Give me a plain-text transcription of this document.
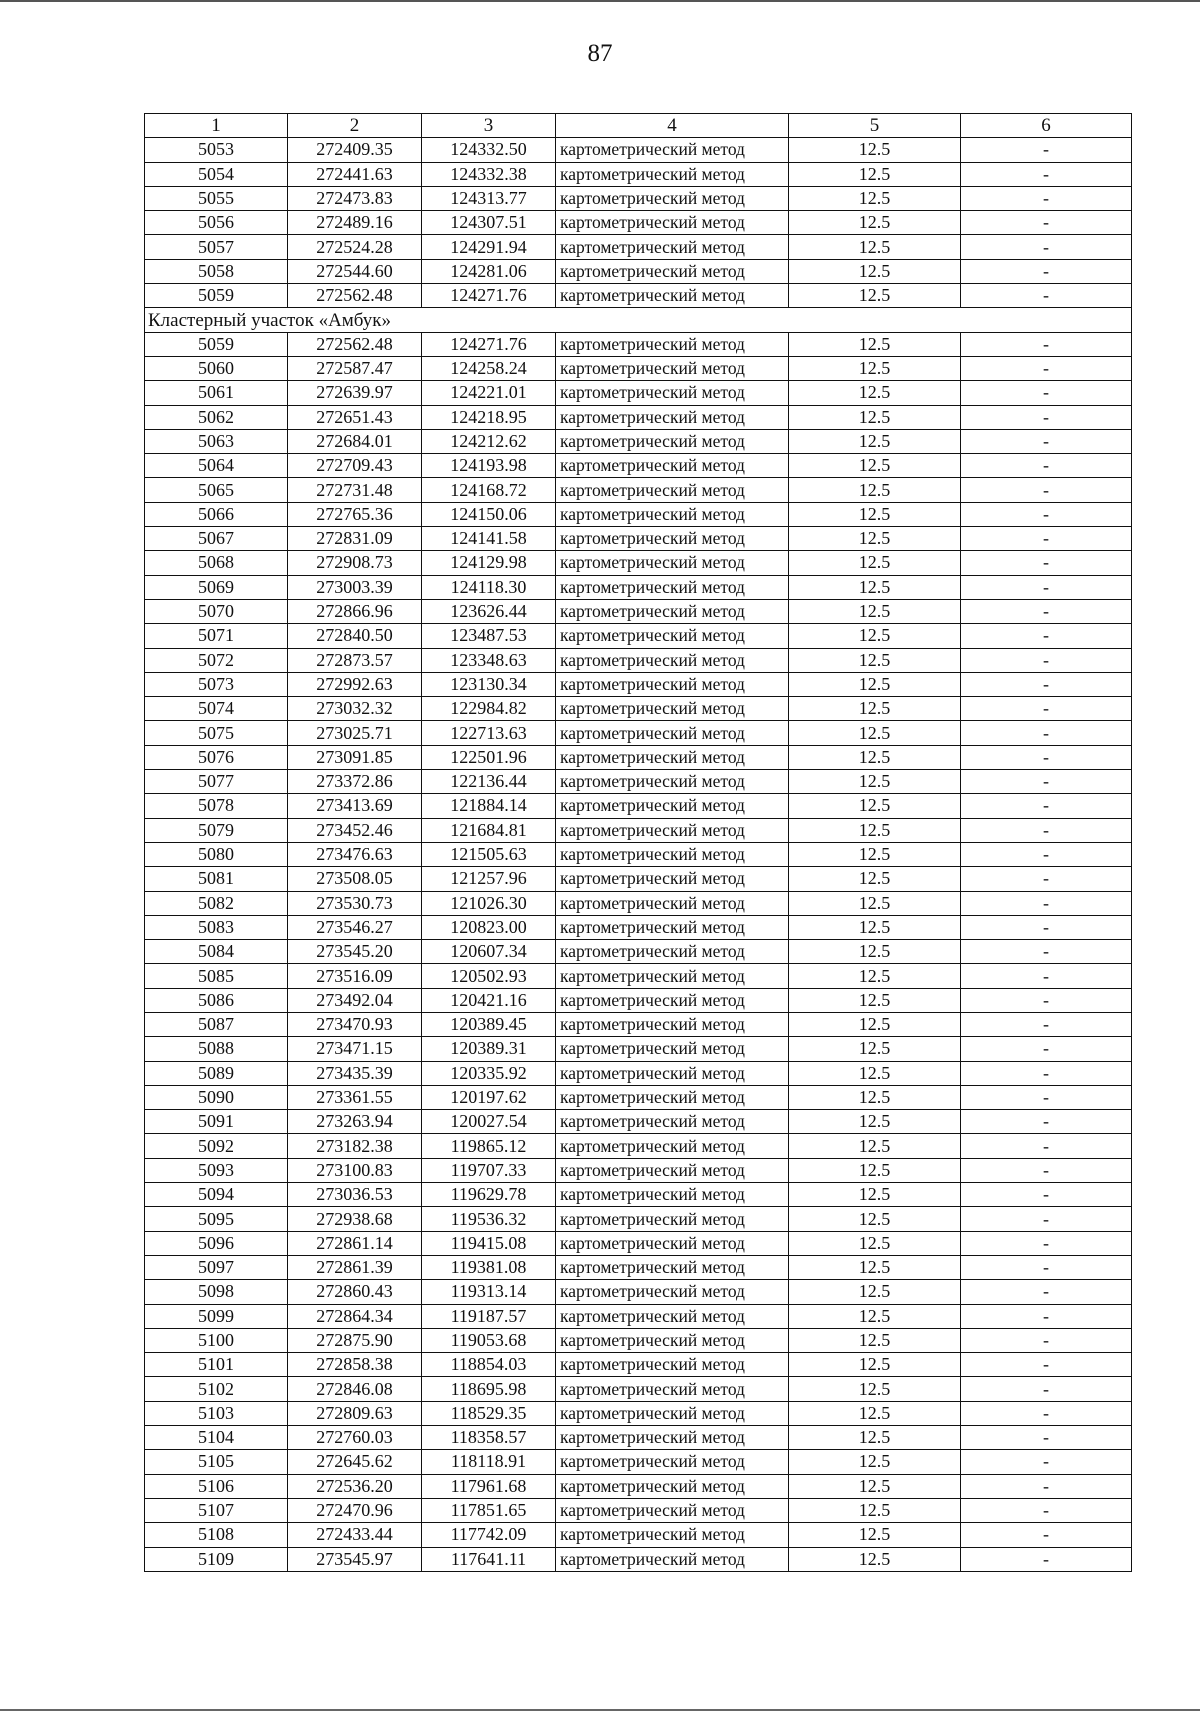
87
1	2	3	4	5	6
5053	272409.35	124332.50	картометрический метод	12.5	-
5054	272441.63	124332.38	картометрический метод	12.5	-
5055	272473.83	124313.77	картометрический метод	12.5	-
5056	272489.16	124307.51	картометрический метод	12.5	-
5057	272524.28	124291.94	картометрический метод	12.5	-
5058	272544.60	124281.06	картометрический метод	12.5	-
5059	272562.48	124271.76	картометрический метод	12.5	-
Кластерный участок «Амбук»					
5059	272562.48	124271.76	картометрический метод	12.5	-
5060	272587.47	124258.24	картометрический метод	12.5	-
5061	272639.97	124221.01	картометрический метод	12.5	-
5062	272651.43	124218.95	картометрический метод	12.5	-
5063	272684.01	124212.62	картометрический метод	12.5	-
5064	272709.43	124193.98	картометрический метод	12.5	-
5065	272731.48	124168.72	картометрический метод	12.5	-
5066	272765.36	124150.06	картометрический метод	12.5	-
5067	272831.09	124141.58	картометрический метод	12.5	-
5068	272908.73	124129.98	картометрический метод	12.5	-
5069	273003.39	124118.30	картометрический метод	12.5	-
5070	272866.96	123626.44	картометрический метод	12.5	-
5071	272840.50	123487.53	картометрический метод	12.5	-
5072	272873.57	123348.63	картометрический метод	12.5	-
5073	272992.63	123130.34	картометрический метод	12.5	-
5074	273032.32	122984.82	картометрический метод	12.5	-
5075	273025.71	122713.63	картометрический метод	12.5	-
5076	273091.85	122501.96	картометрический метод	12.5	-
5077	273372.86	122136.44	картометрический метод	12.5	-
5078	273413.69	121884.14	картометрический метод	12.5	-
5079	273452.46	121684.81	картометрический метод	12.5	-
5080	273476.63	121505.63	картометрический метод	12.5	-
5081	273508.05	121257.96	картометрический метод	12.5	-
5082	273530.73	121026.30	картометрический метод	12.5	-
5083	273546.27	120823.00	картометрический метод	12.5	-
5084	273545.20	120607.34	картометрический метод	12.5	-
5085	273516.09	120502.93	картометрический метод	12.5	-
5086	273492.04	120421.16	картометрический метод	12.5	-
5087	273470.93	120389.45	картометрический метод	12.5	-
5088	273471.15	120389.31	картометрический метод	12.5	-
5089	273435.39	120335.92	картометрический метод	12.5	-
5090	273361.55	120197.62	картометрический метод	12.5	-
5091	273263.94	120027.54	картометрический метод	12.5	-
5092	273182.38	119865.12	картометрический метод	12.5	-
5093	273100.83	119707.33	картометрический метод	12.5	-
5094	273036.53	119629.78	картометрический метод	12.5	-
5095	272938.68	119536.32	картометрический метод	12.5	-
5096	272861.14	119415.08	картометрический метод	12.5	-
5097	272861.39	119381.08	картометрический метод	12.5	-
5098	272860.43	119313.14	картометрический метод	12.5	-
5099	272864.34	119187.57	картометрический метод	12.5	-
5100	272875.90	119053.68	картометрический метод	12.5	-
5101	272858.38	118854.03	картометрический метод	12.5	-
5102	272846.08	118695.98	картометрический метод	12.5	-
5103	272809.63	118529.35	картометрический метод	12.5	-
5104	272760.03	118358.57	картометрический метод	12.5	-
5105	272645.62	118118.91	картометрический метод	12.5	-
5106	272536.20	117961.68	картометрический метод	12.5	-
5107	272470.96	117851.65	картометрический метод	12.5	-
5108	272433.44	117742.09	картометрический метод	12.5	-
5109	273545.97	117641.11	картометрический метод	12.5	-
